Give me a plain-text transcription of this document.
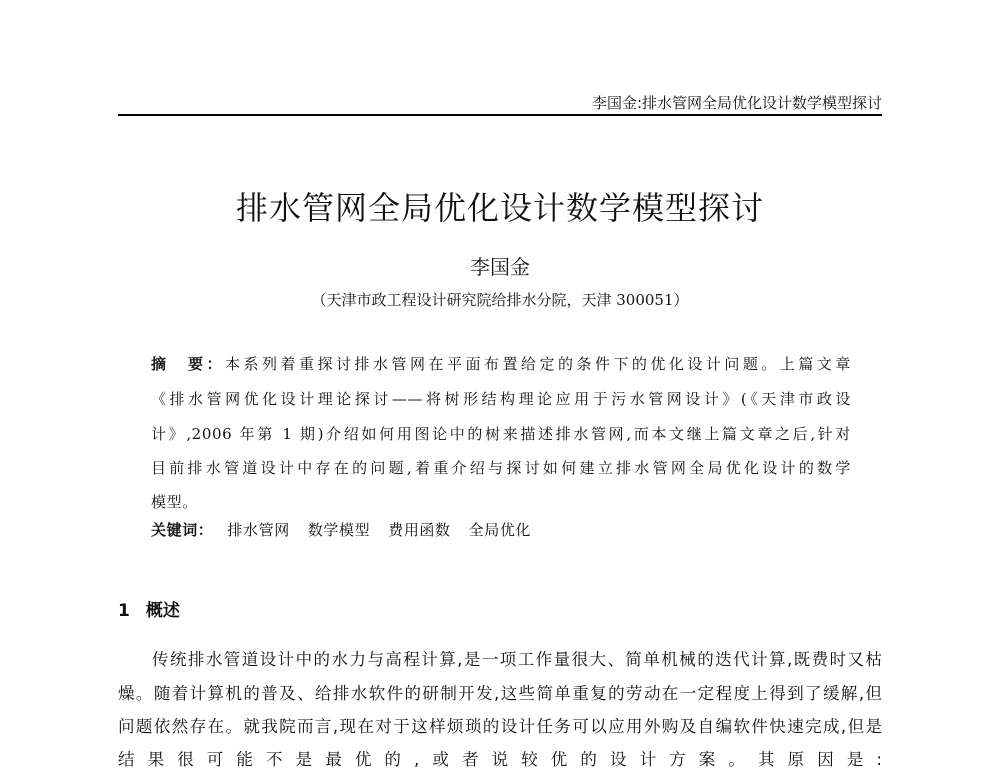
李国金:排水管网全局优化设计数学模型探讨
排水管网全局优化设计数学模型探讨
李国金
（天津市政工程设计研究院给排水分院，天津 300051）
摘　要：本系列着重探讨排水管网在平面布置给定的条件下的优化设计问题。上篇文章
《排水管网优化设计理论探讨——将树形结构理论应用于污水管网设计》(《天津市政设
计》,2006 年第 1 期)介绍如何用图论中的树来描述排水管网,而本文继上篇文章之后,针对
目前排水管道设计中存在的问题,着重介绍与探讨如何建立排水管网全局优化设计的数学
模型。
关键词： 排水管网 数学模型 费用函数 全局优化
1 概述
传统排水管道设计中的水力与高程计算,是一项工作量很大、简单机械的迭代计算,既费时又枯
燥。随着计算机的普及、给排水软件的研制开发,这些简单重复的劳动在一定程度上得到了缓解,但
问题依然存在。就我院而言,现在对于这样烦琐的设计任务可以应用外购及自编软件快速完成,但是
结果很可能不是最优的,或者说较优的设计方案。其原因是:
